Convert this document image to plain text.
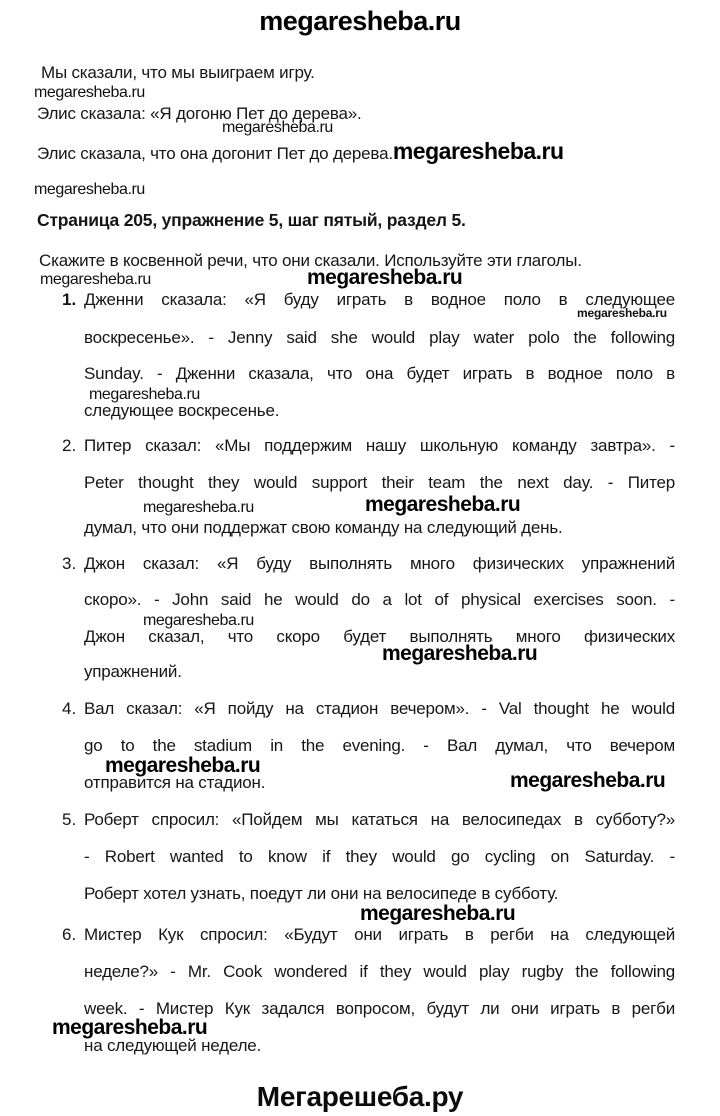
megaresheba.ru
Мы сказали, что мы выиграем игру.
megaresheba.ru
Элис сказала: «Я догоню Пет до дерева».
megaresheba.ru
Элис сказала, что она догонит Пет до дерева.megaresheba.ru
megaresheba.ru
Страница 205, упражнение 5, шаг пятый, раздел 5.
Скажите в косвенной речи, что они сказали. Используйте эти глаголы.
megaresheba.ru	megaresheba.ru
1. Дженни сказала: «Я буду играть в водное поло в следующее
megaresheba.ru
воскресенье». - Jenny said she would play water polo the following
Sunday. - Дженни сказала, что она будет играть в водное поло в
megaresheba.ru
следующее воскресенье.
2. Питер сказал: «Мы поддержим нашу школьную команду завтра». -
Peter thought they would support their team the next day. - Питер
megaresheba.ru	megaresheba.ru
думал, что они поддержат свою команду на следующий день.
3. Джон сказал: «Я буду выполнять много физических упражнений
скоро». - John said he would do a lot of physical exercises soon. -
megaresheba.ru
Джон сказал, что скоро будет выполнять много физических
megaresheba.ru
упражнений.
4. Вал сказал: «Я пойду на стадион вечером». - Val thought he would
go to the stadium in the evening. - Вал думал, что вечером
megaresheba.ru
отправится на стадион.	megaresheba.ru
5. Роберт спросил: «Пойдем мы кататься на велосипедах в субботу?»
- Robert wanted to know if they would go cycling on Saturday. -
Роберт хотел узнать, поедут ли они на велосипеде в субботу.
megaresheba.ru
6. Мистер Кук спросил: «Будут они играть в регби на следующей
неделе?» - Mr. Cook wondered if they would play rugby the following
week. - Мистер Кук задался вопросом, будут ли они играть в регби
megaresheba.ru
на следующей неделе.
Мегарешеба.ру
